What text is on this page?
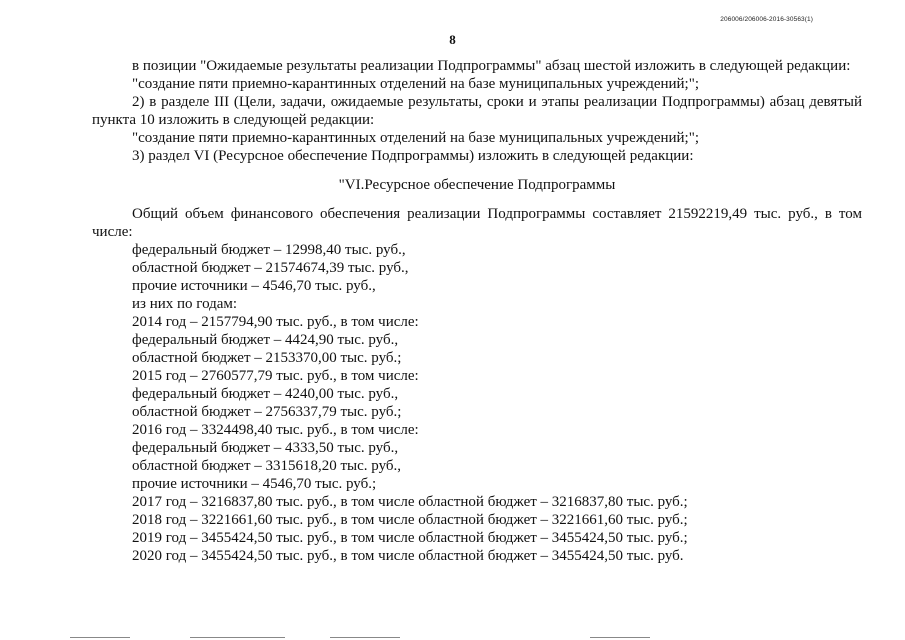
206006/206006-2016-30563(1)
8

в позиции "Ожидаемые результаты реализации Подпрограммы" абзац шестой изложить в следующей редакции:

"создание пяти приемно-карантинных отделений на базе муниципальных учреждений;";

2) в разделе III (Цели, задачи, ожидаемые результаты, сроки и этапы реализации Подпрограммы) абзац девятый пункта 10 изложить в следующей редакции:

"создание пяти приемно-карантинных отделений на базе муниципальных учреждений;";

3) раздел VI (Ресурсное обеспечение Подпрограммы) изложить в следующей редакции:

"VI.Ресурсное обеспечение Подпрограммы

Общий объем финансового обеспечения реализации Подпрограммы составляет 21592219,49 тыс. руб., в том числе:

федеральный бюджет – 12998,40 тыс. руб.,

областной бюджет – 21574674,39 тыс. руб.,

прочие источники – 4546,70 тыс. руб.,

из них по годам:

2014 год – 2157794,90 тыс. руб., в том числе:

федеральный бюджет – 4424,90 тыс. руб.,

областной бюджет – 2153370,00 тыс. руб.;

2015 год – 2760577,79 тыс. руб., в том числе:

федеральный бюджет – 4240,00 тыс. руб.,

областной бюджет – 2756337,79 тыс. руб.;

2016 год – 3324498,40 тыс. руб., в том числе:

федеральный бюджет – 4333,50 тыс. руб.,

областной бюджет – 3315618,20 тыс. руб.,

прочие источники – 4546,70 тыс. руб.;

2017 год – 3216837,80 тыс. руб., в том числе областной бюджет – 3216837,80 тыс. руб.;

2018 год – 3221661,60 тыс. руб., в том числе областной бюджет – 3221661,60 тыс. руб.;

2019 год – 3455424,50 тыс. руб., в том числе областной бюджет – 3455424,50 тыс. руб.;

2020 год – 3455424,50 тыс. руб., в том числе областной бюджет – 3455424,50 тыс. руб.
